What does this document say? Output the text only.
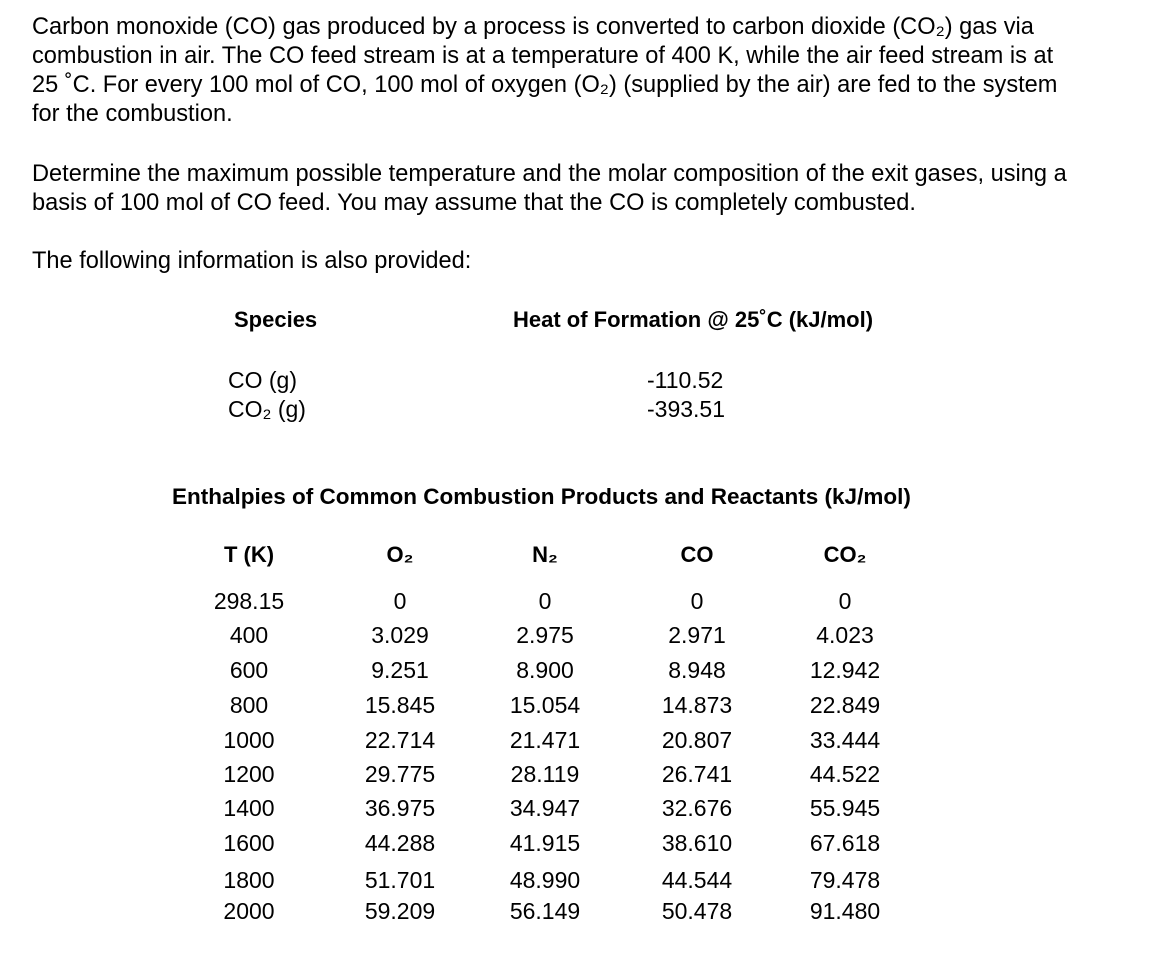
Carbon monoxide (CO) gas produced by a process is converted to carbon dioxide (CO₂) gas via
combustion in air. The CO feed stream is at a temperature of 400 K, while the air feed stream is at
25 ˚C. For every 100 mol of CO, 100 mol of oxygen (O₂) (supplied by the air) are fed to the system
for the combustion.
Determine the maximum possible temperature and the molar composition of the exit gases, using a
basis of 100 mol of CO feed. You may assume that the CO is completely combusted.
The following information is also provided:
Species	Heat of Formation @ 25˚C (kJ/mol)
CO (g)	-110.52
CO₂ (g)	-393.51
Enthalpies of Common Combustion Products and Reactants (kJ/mol)
T (K)	O₂	N₂	CO	CO₂
298.15	0	0	0	0
400	3.029	2.975	2.971	4.023
600	9.251	8.900	8.948	12.942
800	15.845	15.054	14.873	22.849
1000	22.714	21.471	20.807	33.444
1200	29.775	28.119	26.741	44.522
1400	36.975	34.947	32.676	55.945
1600	44.288	41.915	38.610	67.618
1800	51.701	48.990	44.544	79.478
2000	59.209	56.149	50.478	91.480
